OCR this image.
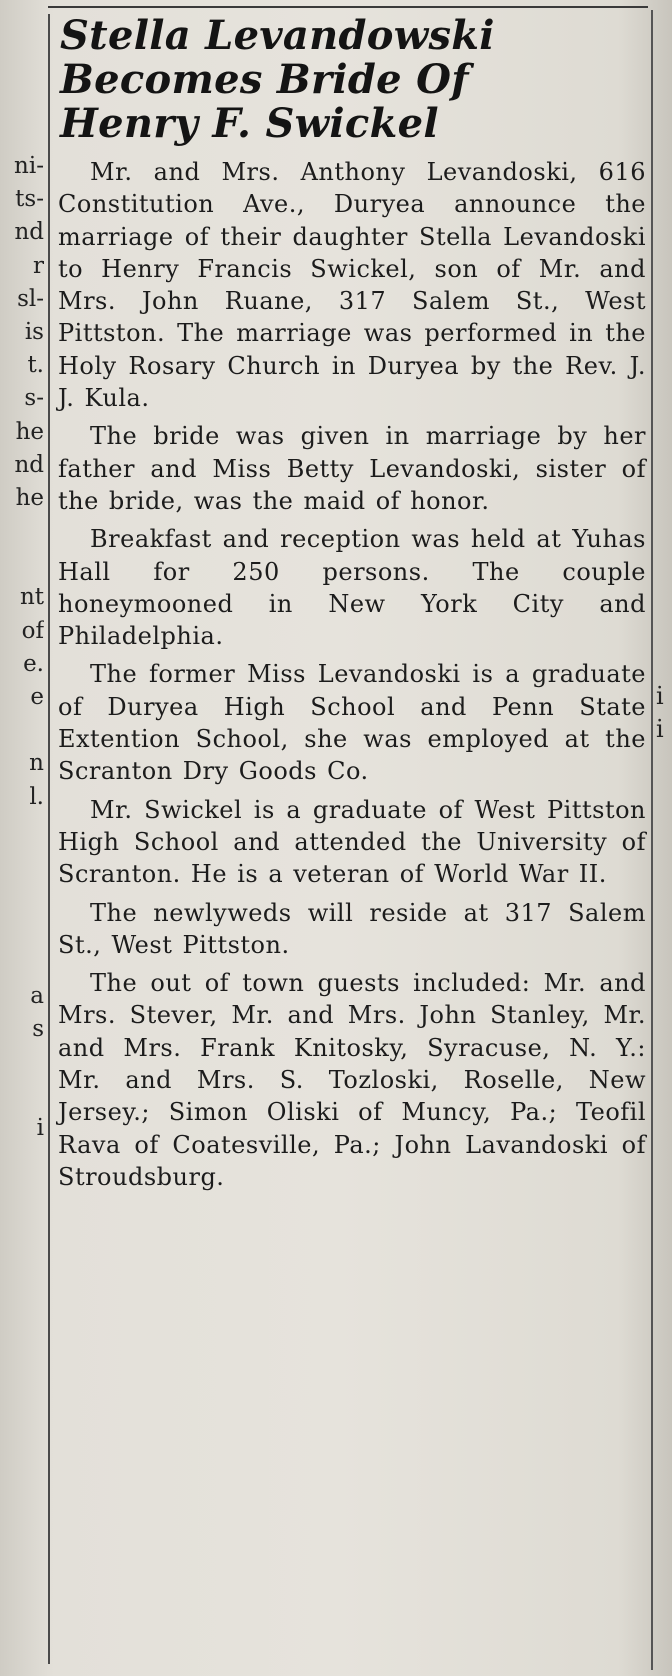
ni-
ts-
nd
r
sl-
is
t.
s-
he
nd
he
nt
of
e.
e
n
l.
a
s
i
i
i
Stella Levandowski
Becomes Bride Of
Henry F. Swickel

Mr. and Mrs. Anthony Levandoski, 616 Constitution Ave., Duryea announce the marriage of their daughter Stella Levandoski to Henry Francis Swickel, son of Mr. and Mrs. John Ruane, 317 Salem St., West Pittston. The marriage was performed in the Holy Rosary Church in Duryea by the Rev. J. J. Kula.

The bride was given in marriage by her father and Miss Betty Levandoski, sister of the bride, was the maid of honor.

Breakfast and reception was held at Yuhas Hall for 250 persons. The couple honeymooned in New York City and Philadelphia.

The former Miss Levandoski is a graduate of Duryea High School and Penn State Extention School, she was employed at the Scranton Dry Goods Co.

Mr. Swickel is a graduate of West Pittston High School and attended the University of Scranton. He is a veteran of World War II.

The newlyweds will reside at 317 Salem St., West Pittston.

The out of town guests included: Mr. and Mrs. Stever, Mr. and Mrs. John Stanley, Mr. and Mrs. Frank Knitosky, Syracuse, N. Y.: Mr. and Mrs. S. Tozloski, Roselle, New Jersey.; Simon Oliski of Muncy, Pa.; Teofil Rava of Coatesville, Pa.; John Lavandoski of Stroudsburg.
